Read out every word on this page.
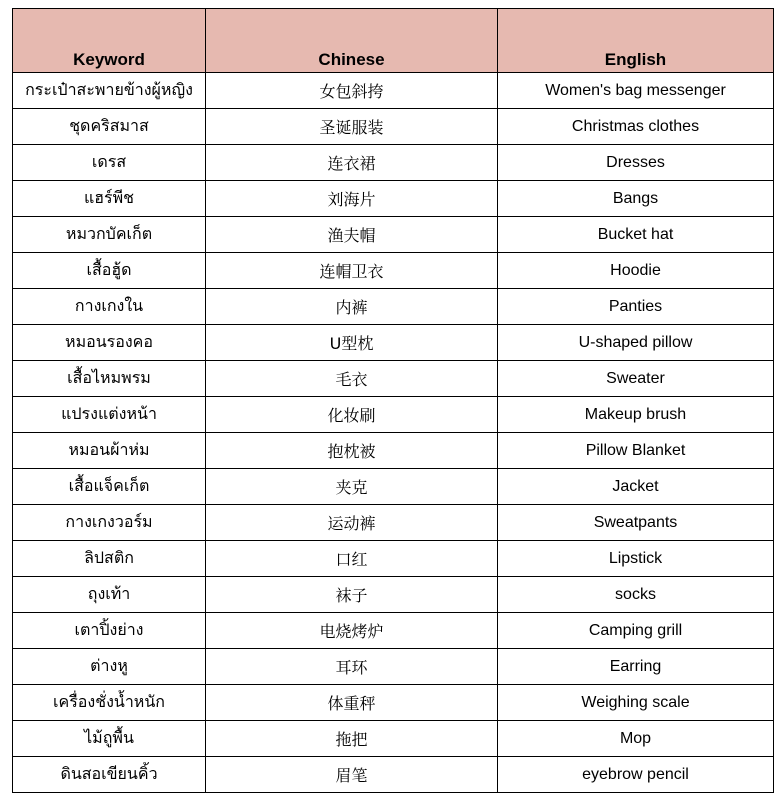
Keyword	Chinese	English
กระเป๋าสะพายข้างผู้หญิง	女包斜挎	Women's bag messenger
ชุดคริสมาส	圣诞服装	Christmas clothes
เดรส	连衣裙	Dresses
แฮร์พีช	刘海片	Bangs
หมวกบัคเก็ต	渔夫帽	Bucket hat
เสื้อฮู้ด	连帽卫衣	Hoodie
กางเกงใน	内裤	Panties
หมอนรองคอ	U型枕	U-shaped pillow
เสื้อไหมพรม	毛衣	Sweater
แปรงแต่งหน้า	化妆刷	Makeup brush
หมอนผ้าห่ม	抱枕被	Pillow Blanket
เสื้อแจ็คเก็ต	夹克	Jacket
กางเกงวอร์ม	运动裤	Sweatpants
ลิปสติก	口红	Lipstick
ถุงเท้า	袜子	socks
เตาปิ้งย่าง	电烧烤炉	Camping grill
ต่างหู	耳环	Earring
เครื่องชั่งน้ำหนัก	体重秤	Weighing scale
ไม้ถูพื้น	拖把	Mop
ดินสอเขียนคิ้ว	眉笔	eyebrow pencil
